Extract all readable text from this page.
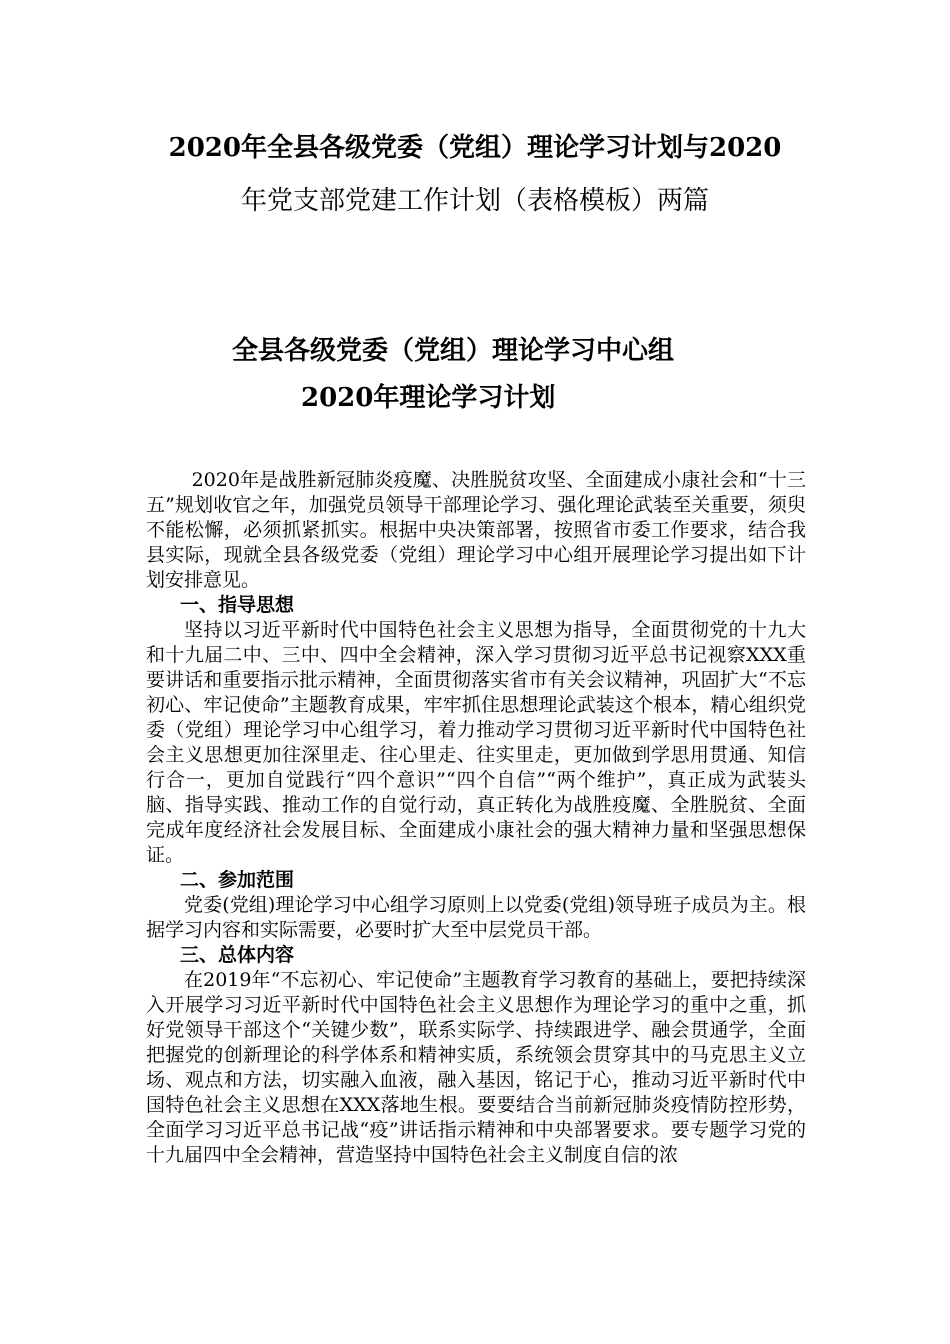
2020年全县各级党委（党组）理论学习计划与2020
年党支部党建工作计划（表格模板）两篇
全县各级党委（党组）理论学习中心组
2020年理论学习计划

2020年是战胜新冠肺炎疫魔、决胜脱贫攻坚、全面建成小康社会和“十三五”规划收官之年，加强党员领导干部理论学习、强化理论武装至关重要，须臾不能松懈，必须抓紧抓实。根据中央决策部署，按照省市委工作要求，结合我县实际，现就全县各级党委（党组）理论学习中心组开展理论学习提出如下计划安排意见。

一、指导思想

坚持以习近平新时代中国特色社会主义思想为指导，全面贯彻党的十九大和十九届二中、三中、四中全会精神，深入学习贯彻习近平总书记视察XXX重要讲话和重要指示批示精神，全面贯彻落实省市有关会议精神，巩固扩大“不忘初心、牢记使命”主题教育成果，牢牢抓住思想理论武装这个根本，精心组织党委（党组）理论学习中心组学习，着力推动学习贯彻习近平新时代中国特色社会主义思想更加往深里走、往心里走、往实里走，更加做到学思用贯通、知信行合一，更加自觉践行“四个意识”“四个自信”“两个维护”，真正成为武装头脑、指导实践、推动工作的自觉行动，真正转化为战胜疫魔、全胜脱贫、全面完成年度经济社会发展目标、全面建成小康社会的强大精神力量和坚强思想保证。

二、参加范围

党委(党组)理论学习中心组学习原则上以党委(党组)领导班子成员为主。根据学习内容和实际需要，必要时扩大至中层党员干部。

三、总体内容

在2019年“不忘初心、牢记使命”主题教育学习教育的基础上，要把持续深入开展学习习近平新时代中国特色社会主义思想作为理论学习的重中之重，抓好党领导干部这个“关键少数”，联系实际学、持续跟进学、融会贯通学，全面把握党的创新理论的科学体系和精神实质，系统领会贯穿其中的马克思主义立场、观点和方法，切实融入血液，融入基因，铭记于心，推动习近平新时代中国特色社会主义思想在XXX落地生根。要要结合当前新冠肺炎疫情防控形势，全面学习习近平总书记战“疫”讲话指示精神和中央部署要求。要专题学习党的十九届四中全会精神，营造坚持中国特色社会主义制度自信的浓
